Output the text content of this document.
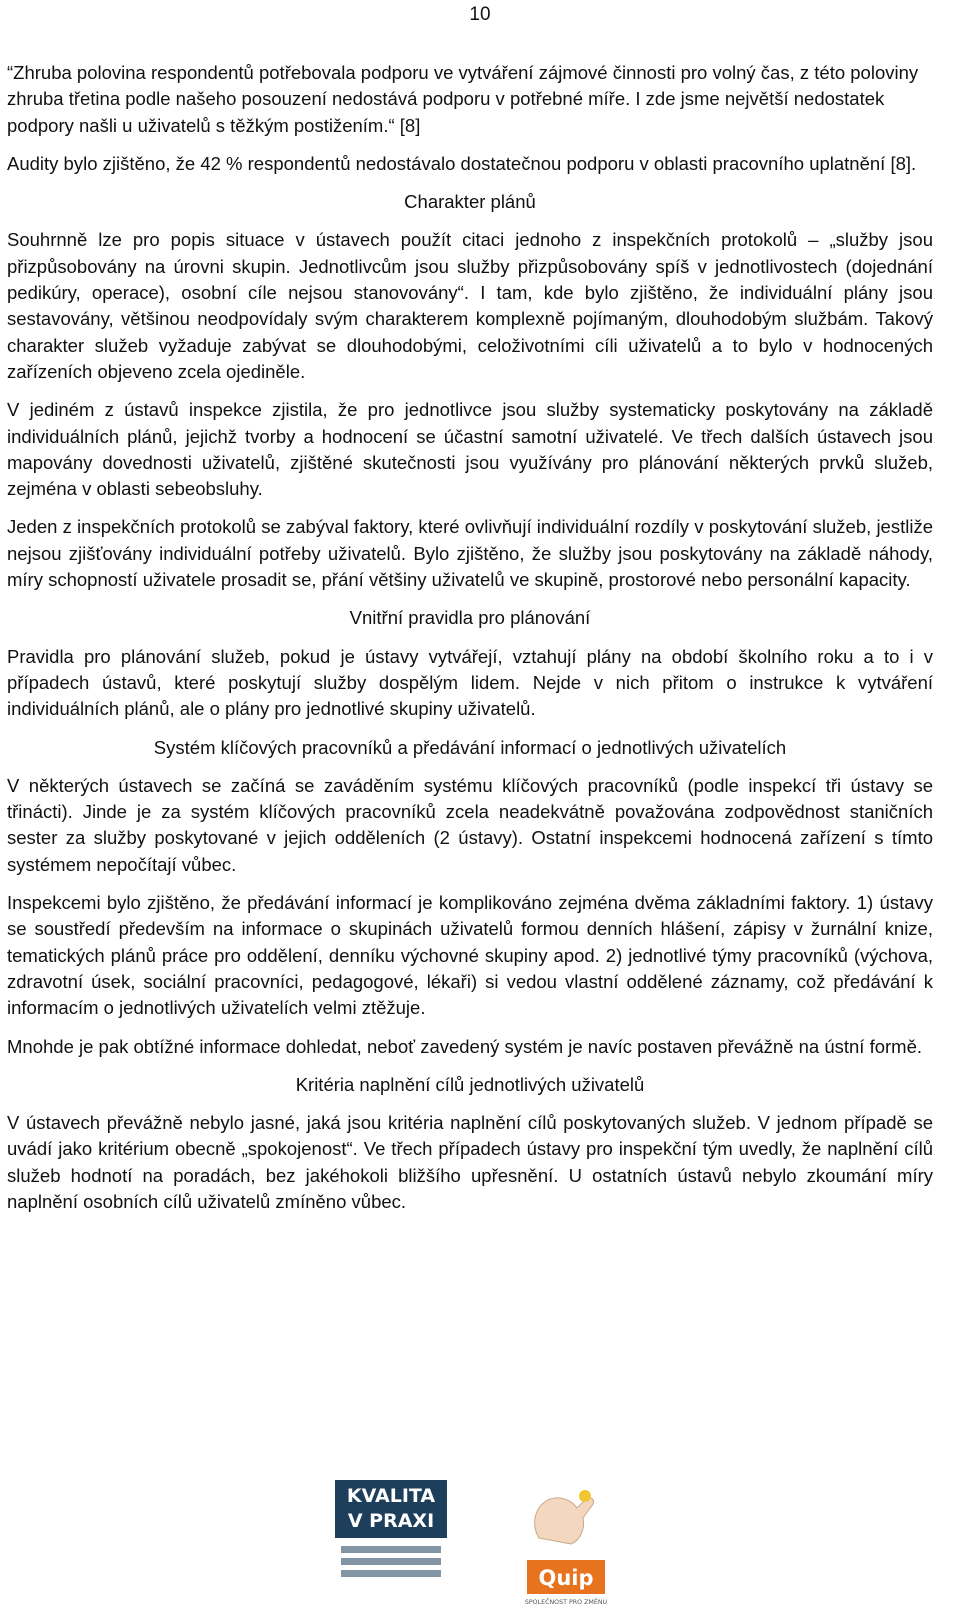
10

“Zhruba polovina respondentů potřebovala podporu ve vytváření zájmové činnosti pro volný čas, z této poloviny zhruba třetina podle našeho posouzení nedostává podporu v potřebné míře. I zde jsme největší nedostatek podpory našli u uživatelů s těžkým postižením.“ [8]

Audity bylo zjištěno, že 42 % respondentů nedostávalo dostatečnou podporu v oblasti pracovního uplatnění [8].

Charakter plánů

Souhrnně lze pro popis situace v ústavech použít citaci jednoho z inspekčních protokolů – „služby jsou přizpůsobovány na úrovni skupin. Jednotlivcům jsou služby přizpůsobovány spíš v jednotlivostech (dojednání pedikúry, operace), osobní cíle nejsou stanovovány“. I tam, kde bylo zjištěno, že individuální plány jsou sestavovány, většinou neodpovídaly svým charakterem komplexně pojímaným, dlouhodobým službám. Takový charakter služeb vyžaduje zabývat se dlouhodobými, celoživotními cíli uživatelů a to bylo v hodnocených zařízeních objeveno zcela ojediněle.

V jediném z ústavů inspekce zjistila, že pro jednotlivce jsou služby systematicky poskytovány na základě individuálních plánů, jejichž tvorby a hodnocení se účastní samotní uživatelé. Ve třech dalších ústavech jsou mapovány dovednosti uživatelů, zjištěné skutečnosti jsou využívány pro plánování některých prvků služeb, zejména v oblasti sebeobsluhy.

Jeden z inspekčních protokolů se zabýval faktory, které ovlivňují individuální rozdíly v poskytování služeb, jestliže nejsou zjišťovány individuální potřeby uživatelů. Bylo zjištěno, že služby jsou poskytovány na základě náhody, míry schopností uživatele prosadit se, přání většiny uživatelů ve skupině, prostorové nebo personální kapacity.

Vnitřní pravidla pro plánování

Pravidla pro plánování služeb, pokud je ústavy vytvářejí, vztahují plány na období školního roku a to i v případech ústavů, které poskytují služby dospělým lidem. Nejde v nich přitom o instrukce k vytváření individuálních plánů, ale o plány pro jednotlivé skupiny uživatelů.

Systém klíčových pracovníků a předávání informací o jednotlivých uživatelích

V některých ústavech se začíná se zaváděním systému klíčových pracovníků (podle inspekcí tři ústavy se třinácti). Jinde je za systém klíčových pracovníků zcela neadekvátně považována zodpovědnost staničních sester za služby poskytované v jejich odděleních (2 ústavy). Ostatní inspekcemi hodnocená zařízení s tímto systémem nepočítají vůbec.

Inspekcemi bylo zjištěno, že předávání informací je komplikováno zejména dvěma základními faktory. 1) ústavy se soustředí především na informace o skupinách uživatelů formou denních hlášení, zápisy v žurnální knize, tematických plánů práce pro oddělení, denníku výchovné skupiny apod. 2) jednotlivé týmy pracovníků (výchova, zdravotní úsek, sociální pracovníci, pedagogové, lékaři) si vedou vlastní oddělené záznamy, což předávání k informacím o jednotlivých uživatelích velmi ztěžuje.

Mnohde je pak obtížné informace dohledat, neboť zavedený systém je navíc postaven převážně na ústní formě.

Kritéria naplnění cílů jednotlivých uživatelů

V ústavech převážně nebylo jasné, jaká jsou kritéria naplnění cílů poskytovaných služeb. V jednom případě se uvádí jako kritérium obecně „spokojenost“. Ve třech případech ústavy pro inspekční tým uvedly, že naplnění cílů služeb hodnotí na poradách, bez jakéhokoli bližšího upřesnění. U ostatních ústavů nebylo zkoumání míry naplnění osobních cílů uživatelů zmíněno vůbec.

KVALITA
V PRAXI
Quip
SPOLEČNOST PRO ZMĚNU
